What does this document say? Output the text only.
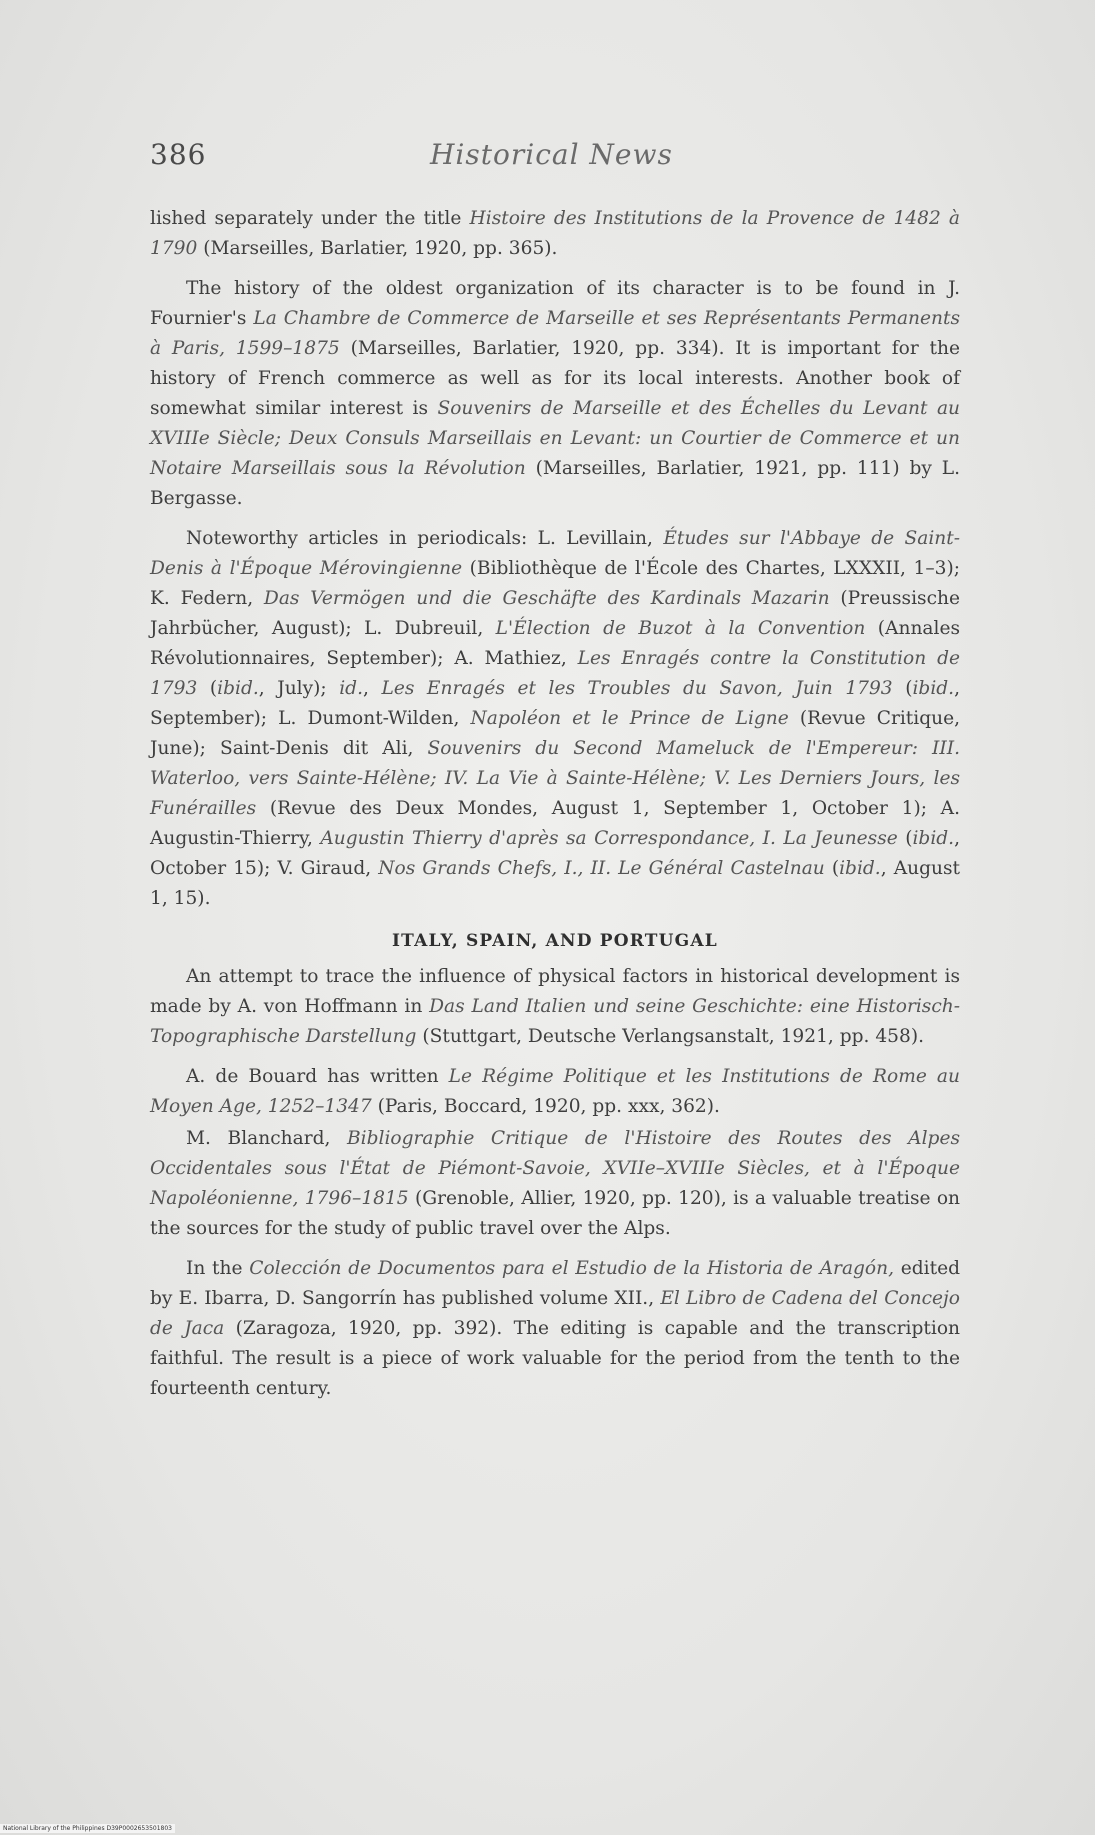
386	Historical News

lished separately under the title Histoire des Institutions de la Provence de 1482 à 1790 (Marseilles, Barlatier, 1920, pp. 365).

The history of the oldest organization of its character is to be found in J. Fournier's La Chambre de Commerce de Marseille et ses Représentants Permanents à Paris, 1599–1875 (Marseilles, Barlatier, 1920, pp. 334). It is important for the history of French commerce as well as for its local interests. Another book of somewhat similar interest is Souvenirs de Marseille et des Échelles du Levant au XVIIIe Siècle; Deux Consuls Marseillais en Levant: un Courtier de Commerce et un Notaire Marseillais sous la Révolution (Marseilles, Barlatier, 1921, pp. 111) by L. Bergasse.

Noteworthy articles in periodicals: L. Levillain, Études sur l'Abbaye de Saint-Denis à l'Époque Mérovingienne (Bibliothèque de l'École des Chartes, LXXXII, 1–3); K. Federn, Das Vermögen und die Geschäfte des Kardinals Mazarin (Preussische Jahrbücher, August); L. Dubreuil, L'Élection de Buzot à la Convention (Annales Révolutionnaires, September); A. Mathiez, Les Enragés contre la Constitution de 1793 (ibid., July); id., Les Enragés et les Troubles du Savon, Juin 1793 (ibid., September); L. Dumont-Wilden, Napoléon et le Prince de Ligne (Revue Critique, June); Saint-Denis dit Ali, Souvenirs du Second Mameluck de l'Empereur: III. Waterloo, vers Sainte-Hélène; IV. La Vie à Sainte-Hélène; V. Les Derniers Jours, les Funérailles (Revue des Deux Mondes, August 1, September 1, October 1); A. Augustin-Thierry, Augustin Thierry d'après sa Correspondance, I. La Jeunesse (ibid., October 15); V. Giraud, Nos Grands Chefs, I., II. Le Général Castelnau (ibid., August 1, 15).

ITALY, SPAIN, AND PORTUGAL

An attempt to trace the influence of physical factors in historical development is made by A. von Hoffmann in Das Land Italien und seine Geschichte: eine Historisch-Topographische Darstellung (Stuttgart, Deutsche Verlangsanstalt, 1921, pp. 458).

A. de Bouard has written Le Régime Politique et les Institutions de Rome au Moyen Age, 1252–1347 (Paris, Boccard, 1920, pp. xxx, 362).

M. Blanchard, Bibliographie Critique de l'Histoire des Routes des Alpes Occidentales sous l'État de Piémont-Savoie, XVIIe–XVIIIe Siècles, et à l'Époque Napoléonienne, 1796–1815 (Grenoble, Allier, 1920, pp. 120), is a valuable treatise on the sources for the study of public travel over the Alps.

In the Colección de Documentos para el Estudio de la Historia de Aragón, edited by E. Ibarra, D. Sangorrín has published volume XII., El Libro de Cadena del Concejo de Jaca (Zaragoza, 1920, pp. 392). The editing is capable and the transcription faithful. The result is a piece of work valuable for the period from the tenth to the fourteenth century.

National Library of the Philippines D39P0002653501803
